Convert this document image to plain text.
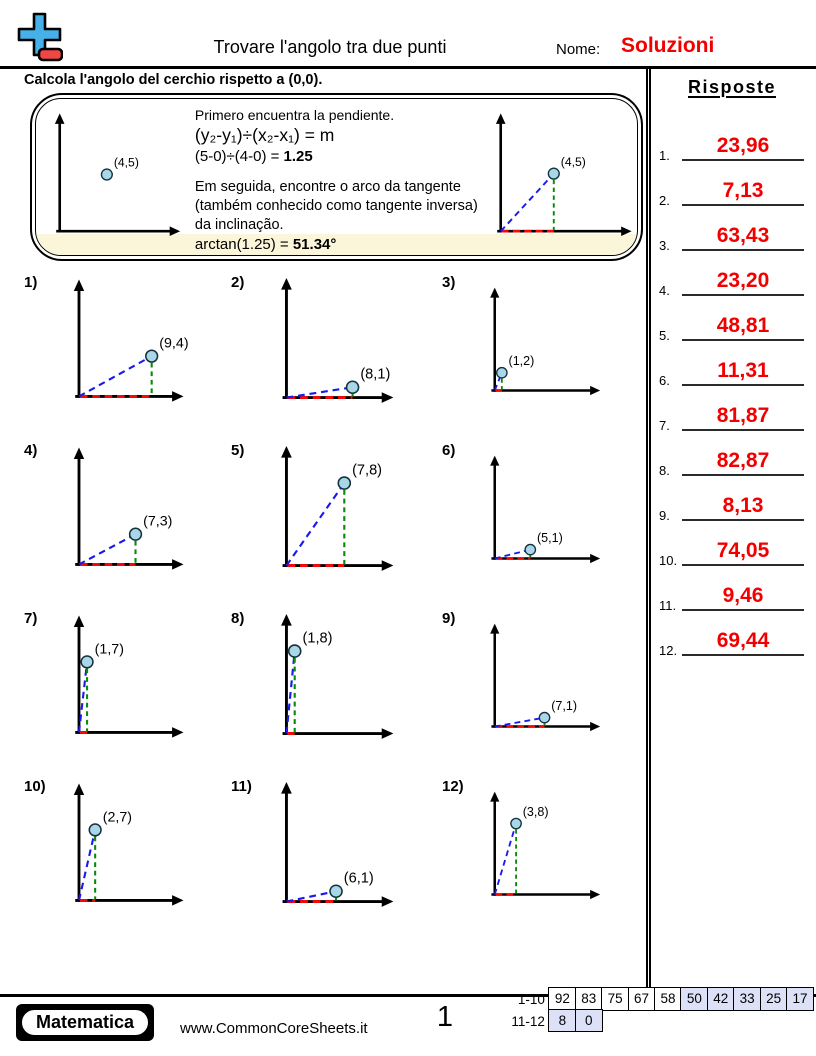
Trovare l'angolo tra due punti	Nome: Soluzioni
Calcola l'angolo del cerchio rispetto a (0,0).
(4,5)
Primero encuentra la pendiente.
(y₂-y₁)÷(x₂-x₁) = m
(5-0)÷(4-0) = 1.25
Em seguida, encontre o arco da tangente (também conhecido como tangente inversa) da inclinação.
arctan(1.25) = 51.34°
(4,5)
1)
(9,4)
2)
(8,1)
3)
(1,2)
4)
(7,3)
5)
(7,8)
6)
(5,1)
7)
(1,7)
8)
(1,8)
9)
(7,1)
10)
(2,7)
11)
(6,1)
12)
(3,8)
Risposte
1.	23,96
2.	7,13
3.	63,43
4.	23,20
5.	48,81
6.	11,31
7.	81,87
8.	82,87
9.	8,13
10.	74,05
11.	9,46
12.	69,44
Matematica	www.CommonCoreSheets.it	1
1-10 92 83 75 67 58 50 42 33 25 17
11-12	8	0
